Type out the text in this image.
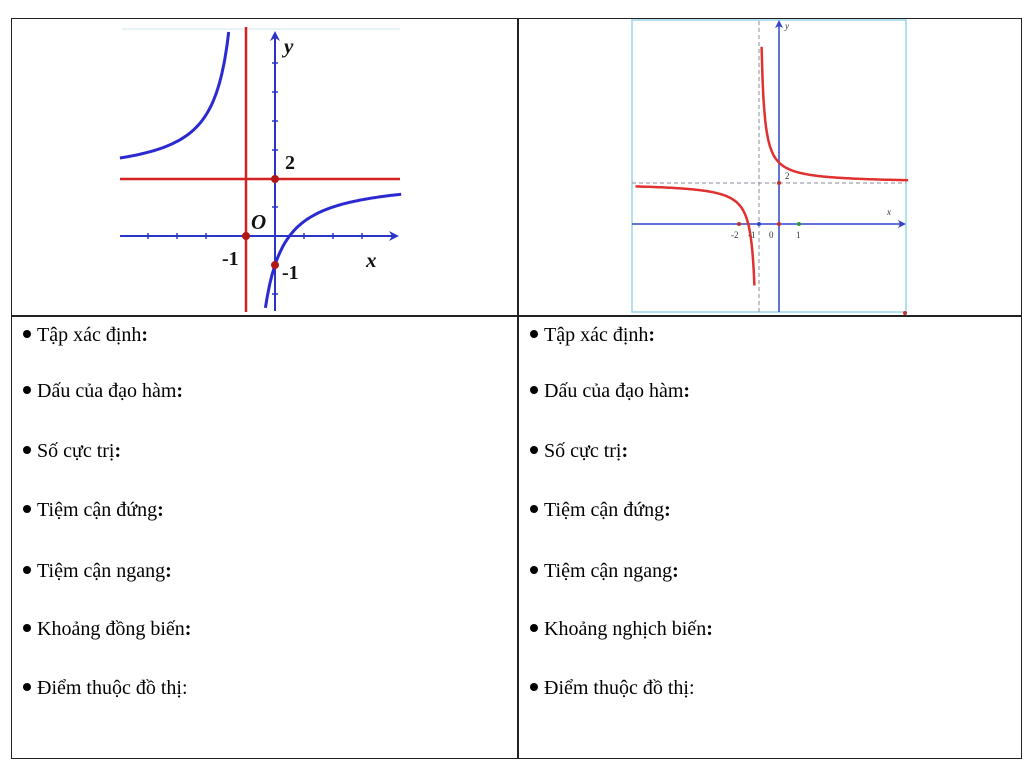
y
x
2
O
-1
-1
y
x
2
-2 -1 0	1
Tập xác định:
Dấu của đạo hàm:
Số cực trị:
Tiệm cận đứng:
Tiệm cận ngang:
Khoảng đồng biến:
Điểm thuộc đồ thị:
Tập xác định:
Dấu của đạo hàm:
Số cực trị:
Tiệm cận đứng:
Tiệm cận ngang:
Khoảng nghịch biến:
Điểm thuộc đồ thị:
